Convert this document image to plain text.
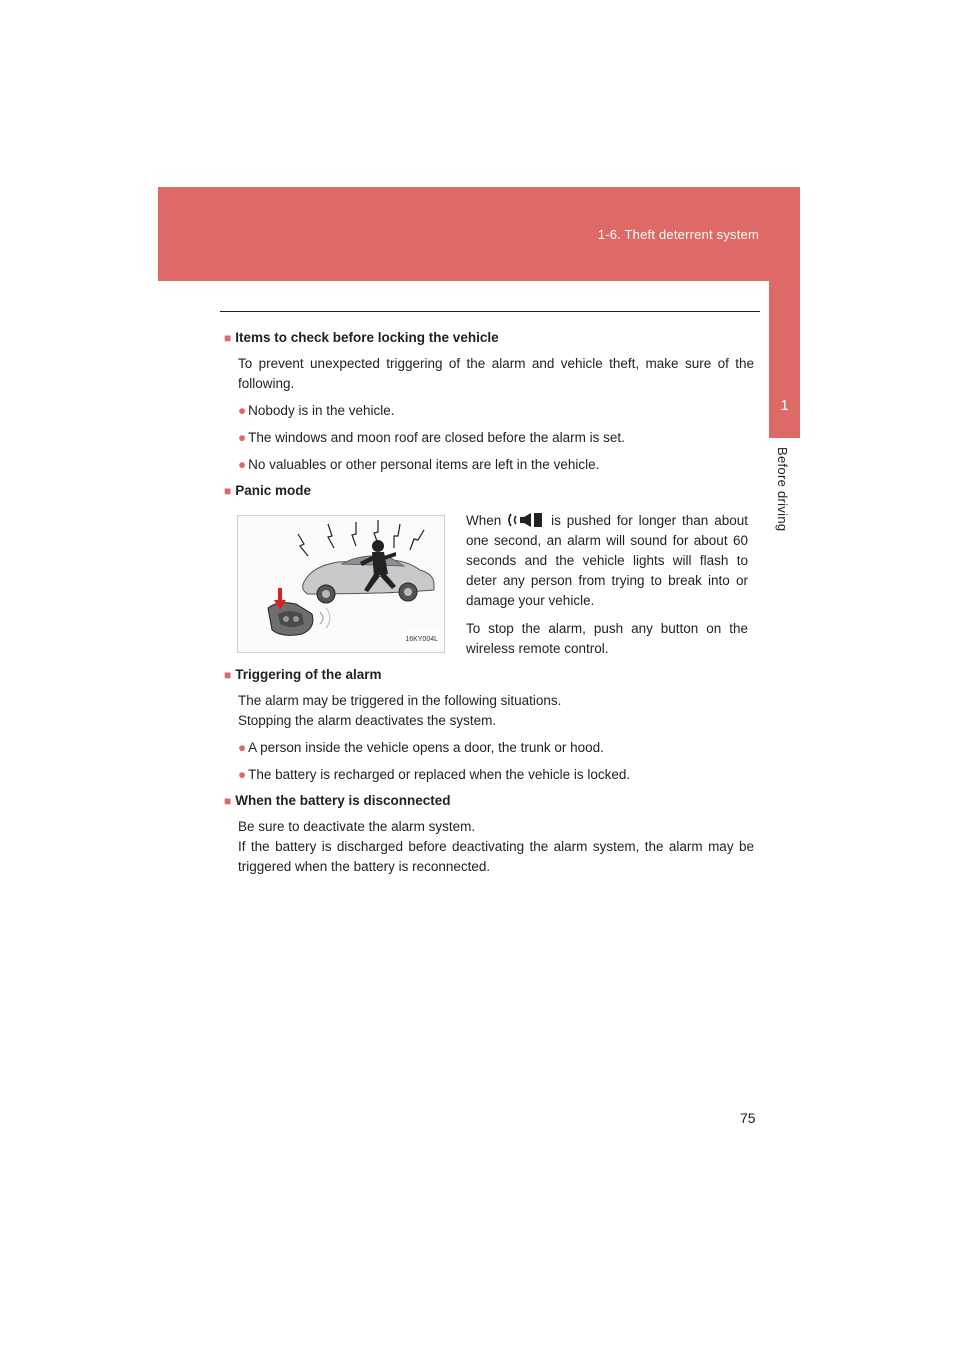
1-6. Theft deterrent system
1
Before driving

■ Items to check before locking the vehicle

To prevent unexpected triggering of the alarm and vehicle theft, make sure of the following.

● Nobody is in the vehicle.

● The windows and moon roof are closed before the alarm is set.

● No valuables or other personal items are left in the vehicle.

■ Panic mode

16KY004L

When	is pushed for longer than about one second, an alarm will sound for about 60 seconds and the vehicle lights will flash to deter any person from trying to break into or damage your vehicle.

To stop the alarm, push any button on the wireless remote control.

■ Triggering of the alarm

The alarm may be triggered in the following situations.

Stopping the alarm deactivates the system.

● A person inside the vehicle opens a door, the trunk or hood.

● The battery is recharged or replaced when the vehicle is locked.

■ When the battery is disconnected

Be sure to deactivate the alarm system.

If the battery is discharged before deactivating the alarm system, the alarm may be triggered when the battery is reconnected.

75
